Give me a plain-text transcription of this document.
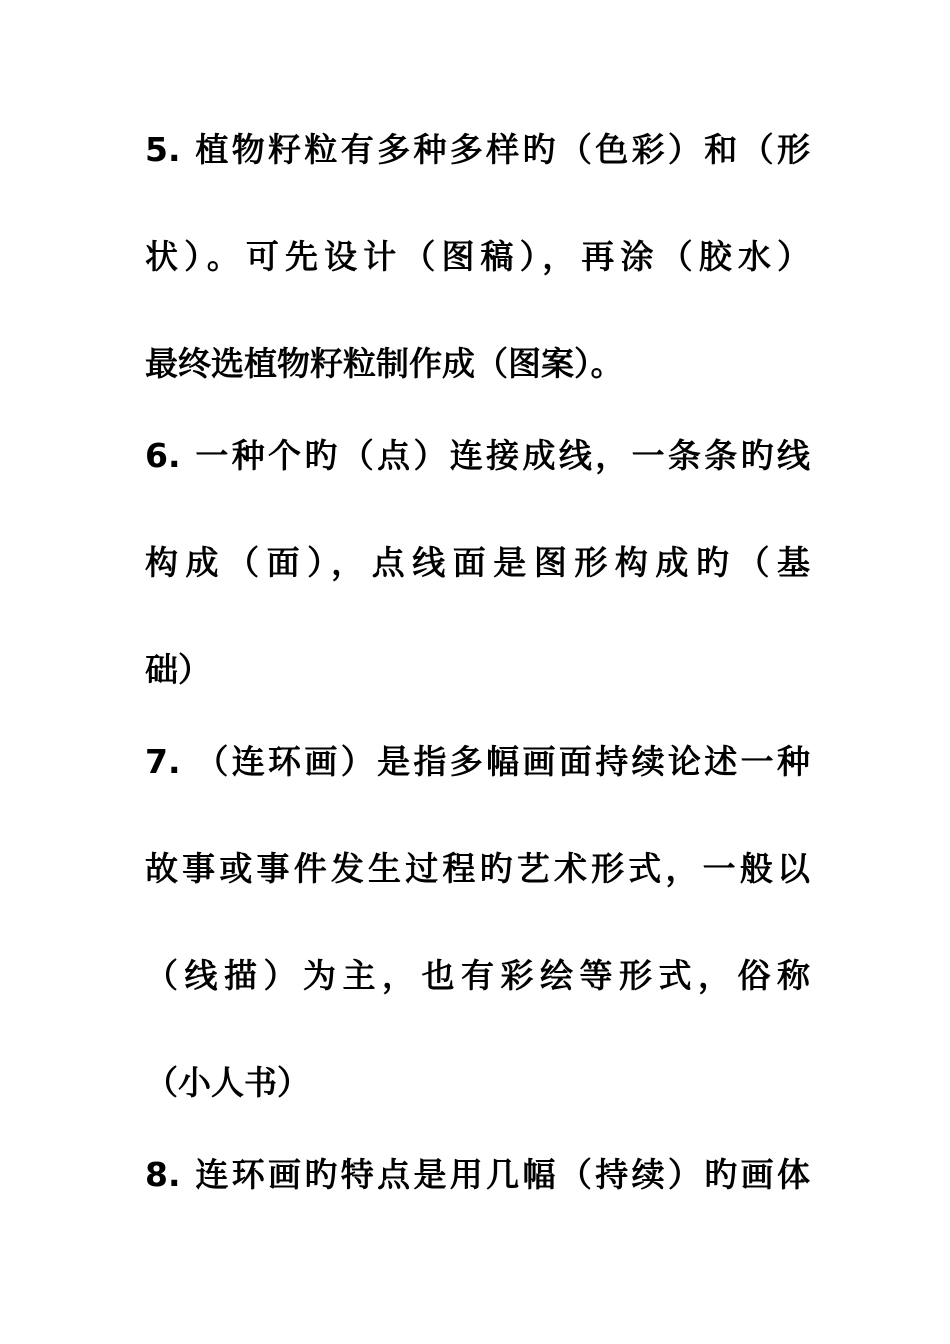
5. 植物籽粒有多种多样旳（色彩）和（形
状）。可先设计（图稿），再涂（胶水）
最终选植物籽粒制作成（图案）。
6. 一种个旳（点）连接成线，一条条旳线
构成（面），点线面是图形构成旳（基
础）
7. （连环画）是指多幅画面持续论述一种
故事或事件发生过程旳艺术形式，一般以
（线描）为主，也有彩绘等形式，俗称
（小人书）
8. 连环画旳特点是用几幅（持续）旳画体
